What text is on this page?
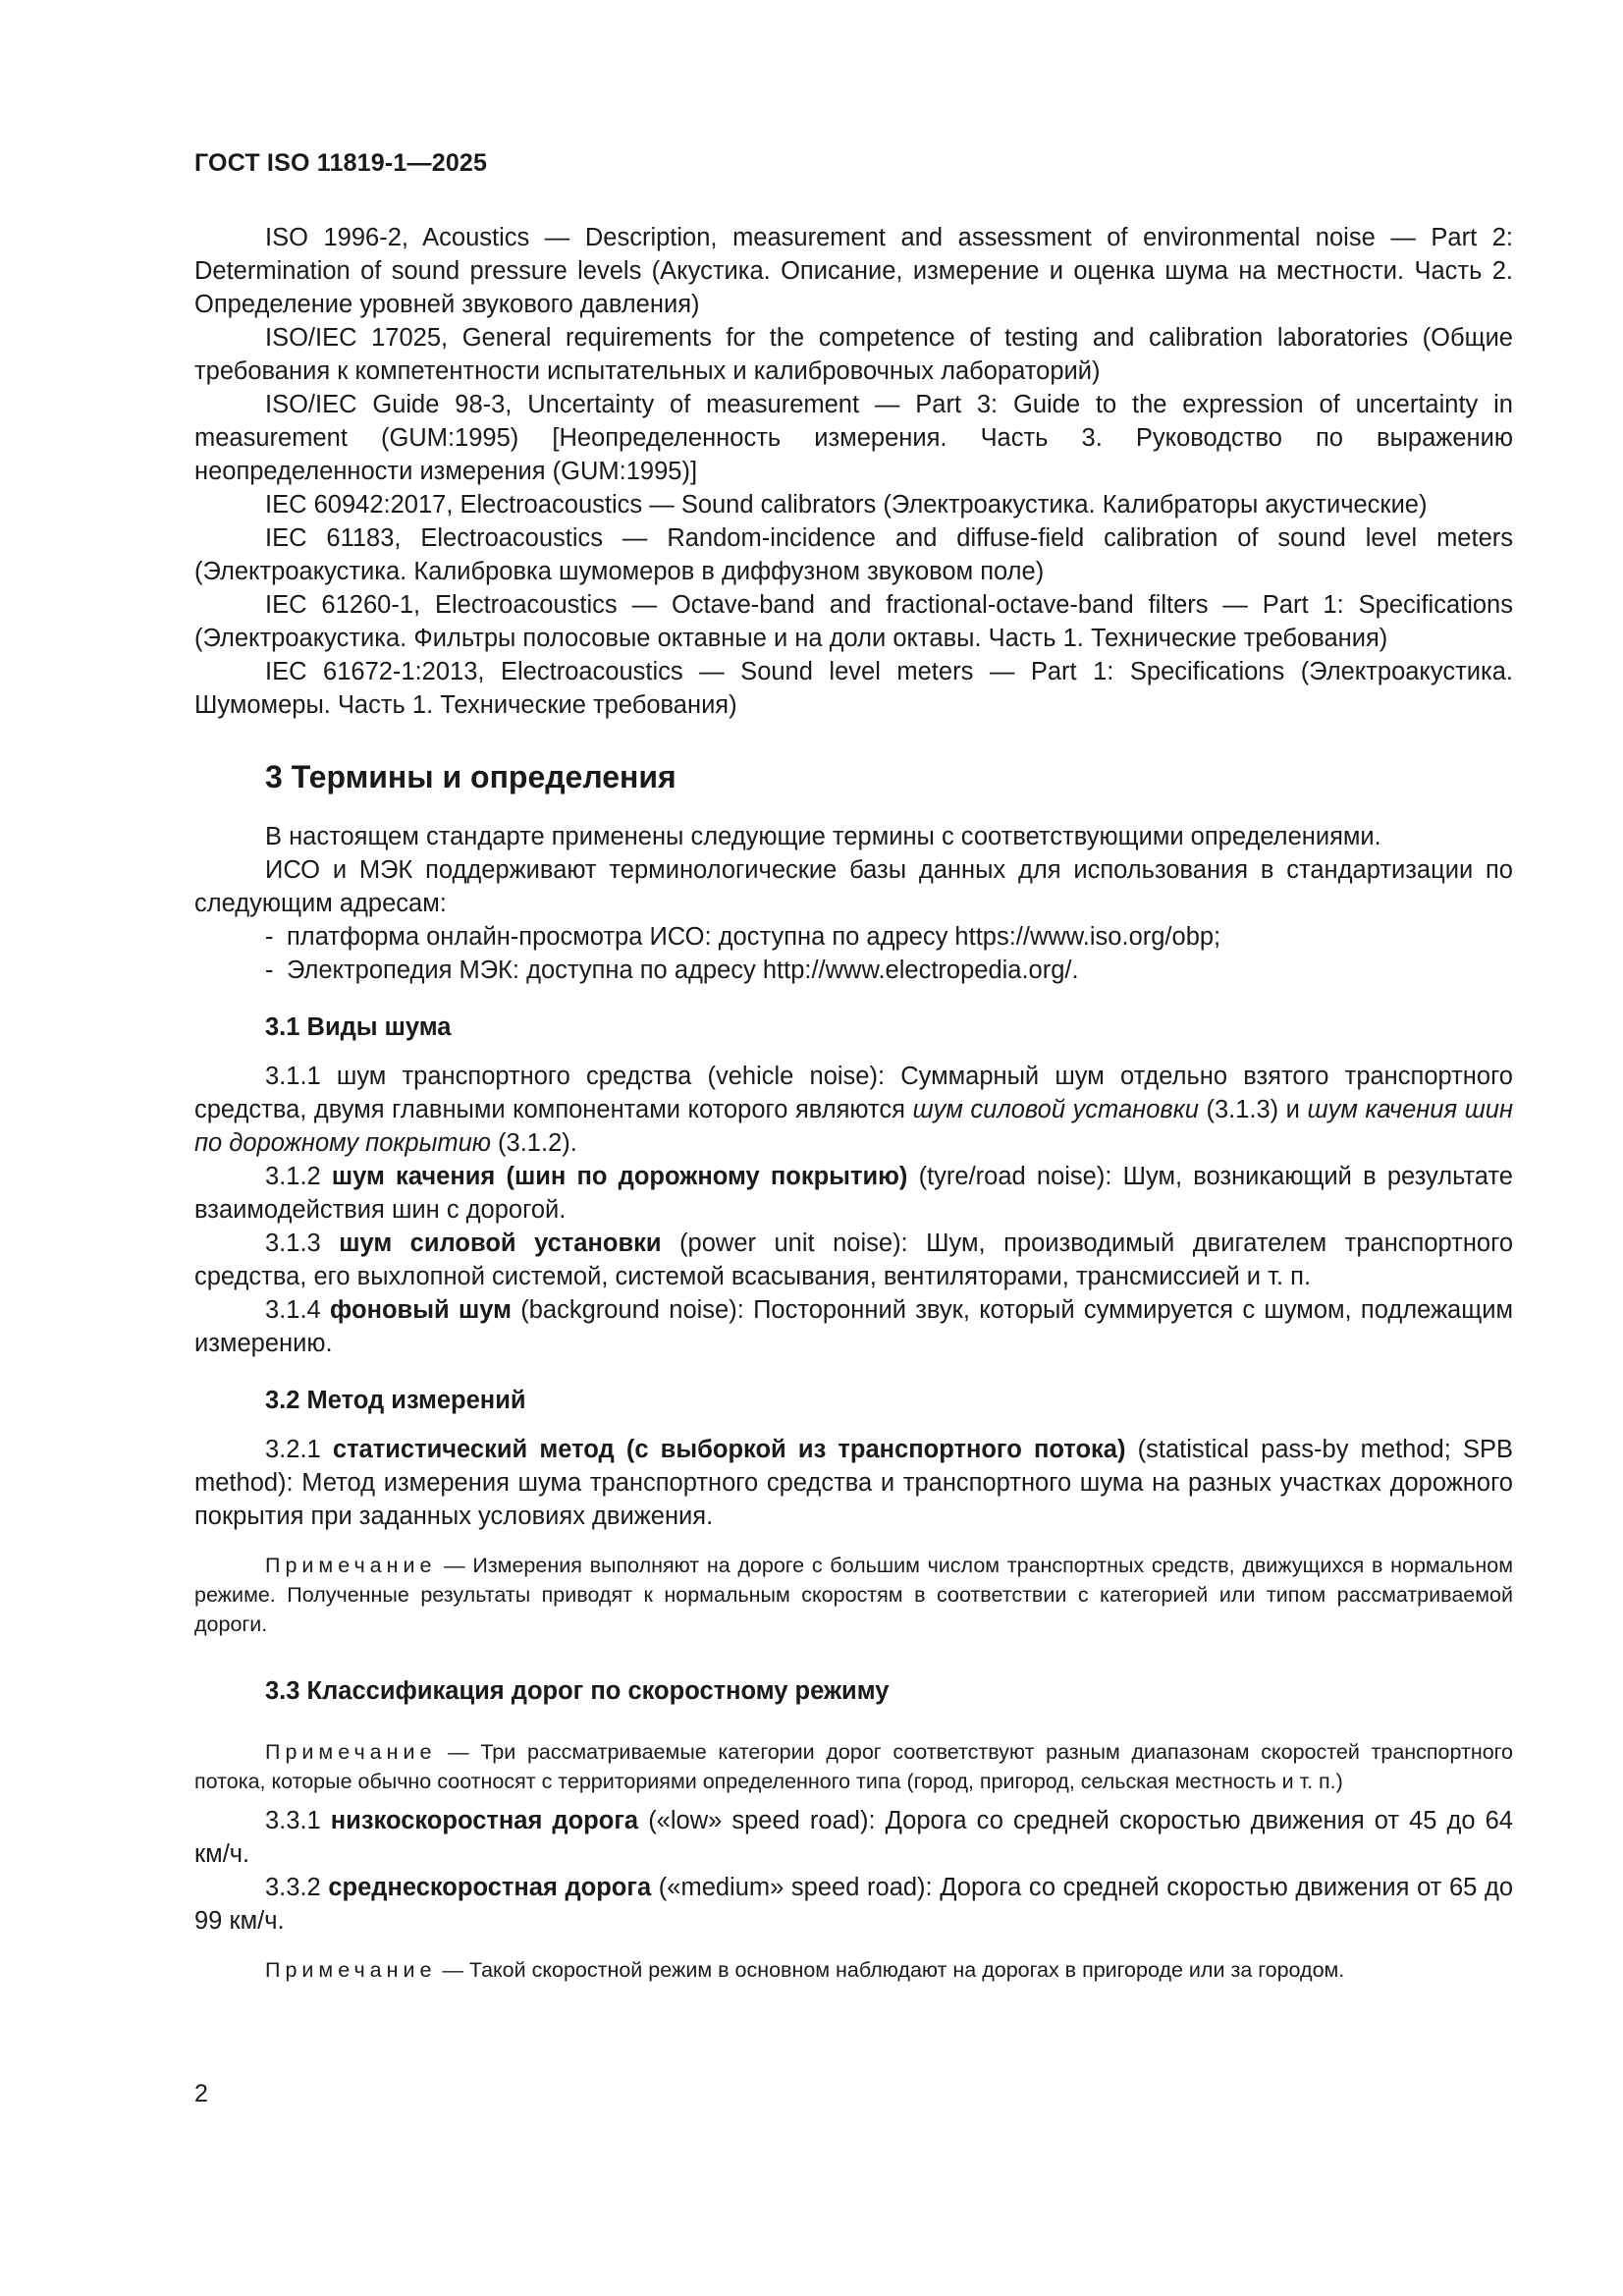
ГОСТ ISO 11819-1—2025

ISO 1996-2, Acoustics — Description, measurement and assessment of environmental noise — Part 2: Determination of sound pressure levels (Акустика. Описание, измерение и оценка шума на местности. Часть 2. Определение уровней звукового давления)

ISO/IEC 17025, General requirements for the competence of testing and calibration laboratories (Общие требования к компетентности испытательных и калибровочных лабораторий)

ISO/IEC Guide 98-3, Uncertainty of measurement — Part 3: Guide to the expression of uncertainty in measurement (GUM:1995) [Неопределенность измерения. Часть 3. Руководство по выражению неопределенности измерения (GUM:1995)]

IEC 60942:2017, Electroacoustics — Sound calibrators (Электроакустика. Калибраторы акустические)

IEC 61183, Electroacoustics — Random-incidence and diffuse-field calibration of sound level meters (Электроакустика. Калибровка шумомеров в диффузном звуковом поле)

IEC 61260-1, Electroacoustics — Octave-band and fractional-octave-band filters — Part 1: Specifications (Электроакустика. Фильтры полосовые октавные и на доли октавы. Часть 1. Технические требования)

IEC 61672-1:2013, Electroacoustics — Sound level meters — Part 1: Specifications (Электроакустика. Шумомеры. Часть 1. Технические требования)

3 Термины и определения

В настоящем стандарте применены следующие термины с соответствующими определениями.

ИСО и МЭК поддерживают терминологические базы данных для использования в стандартизации по следующим адресам:

- платформа онлайн-просмотра ИСО: доступна по адресу https://www.iso.org/obp;
- Электропедия МЭК: доступна по адресу http://www.electropedia.org/.
3.1 Виды шума

3.1.1 шум транспортного средства (vehicle noise): Суммарный шум отдельно взятого транспортного средства, двумя главными компонентами которого являются шум силовой установки (3.1.3) и шум качения шин по дорожному покрытию (3.1.2).

3.1.2 шум качения (шин по дорожному покрытию) (tyre/road noise): Шум, возникающий в результате взаимодействия шин с дорогой.

3.1.3 шум силовой установки (power unit noise): Шум, производимый двигателем транспортного средства, его выхлопной системой, системой всасывания, вентиляторами, трансмиссией и т. п.

3.1.4 фоновый шум (background noise): Посторонний звук, который суммируется с шумом, подлежащим измерению.

3.2 Метод измерений

3.2.1 статистический метод (с выборкой из транспортного потока) (statistical pass-by method; SPB method): Метод измерения шума транспортного средства и транспортного шума на разных участках дорожного покрытия при заданных условиях движения.

Примечание — Измерения выполняют на дороге с большим числом транспортных средств, движущихся в нормальном режиме. Полученные результаты приводят к нормальным скоростям в соответствии с категорией или типом рассматриваемой дороги.

3.3 Классификация дорог по скоростному режиму

Примечание — Три рассматриваемые категории дорог соответствуют разным диапазонам скоростей транспортного потока, которые обычно соотносят с территориями определенного типа (город, пригород, сельская местность и т. п.)

3.3.1 низкоскоростная дорога («low» speed road): Дорога со средней скоростью движения от 45 до 64 км/ч.

3.3.2 среднескоростная дорога («medium» speed road): Дорога со средней скоростью движения от 65 до 99 км/ч.

Примечание — Такой скоростной режим в основном наблюдают на дорогах в пригороде или за городом.

2
